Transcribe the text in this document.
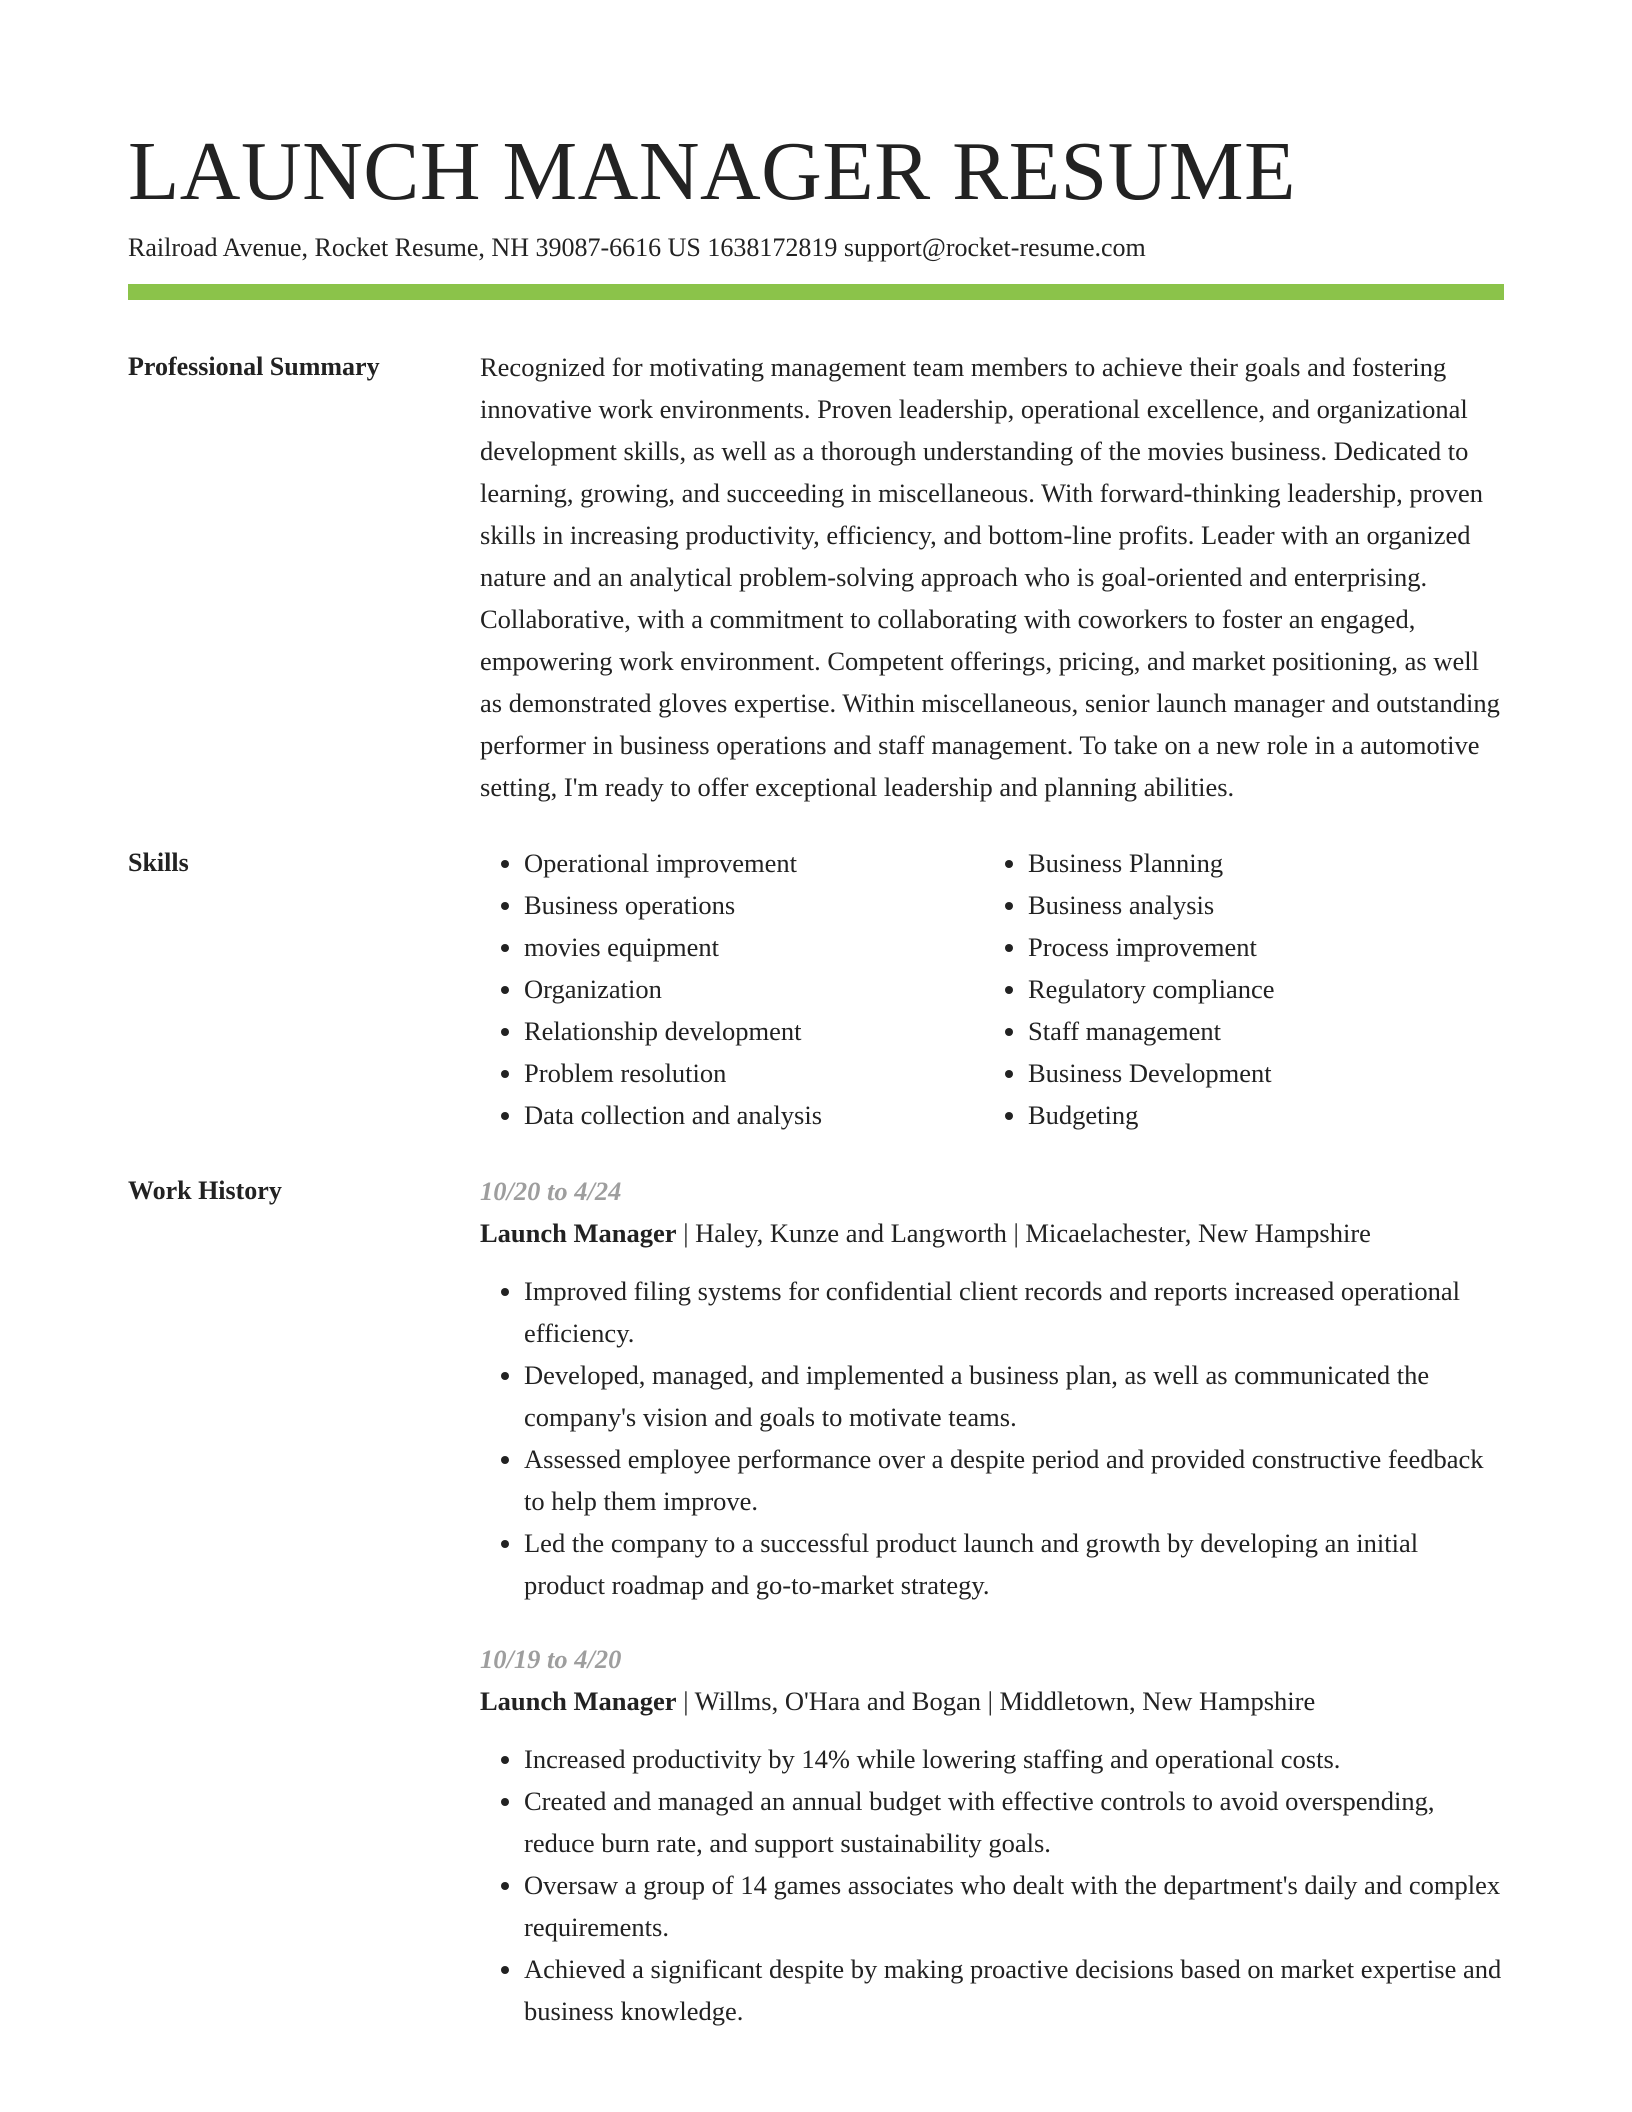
LAUNCH MANAGER RESUME
Railroad Avenue, Rocket Resume, NH 39087-6616 US 1638172819 support@rocket-resume.com
Professional Summary	Recognized for motivating management team members to achieve their goals and fostering innovative work environments. Proven leadership, operational excellence, and organizational development skills, as well as a thorough understanding of the movies business. Dedicated to learning, growing, and succeeding in miscellaneous. With forward-thinking leadership, proven skills in increasing productivity, efficiency, and bottom-line profits. Leader with an organized nature and an analytical problem-solving approach who is goal-oriented and enterprising. Collaborative, with a commitment to collaborating with coworkers to foster an engaged, empowering work environment. Competent offerings, pricing, and market positioning, as well as demonstrated gloves expertise. Within miscellaneous, senior launch manager and outstanding performer in business operations and staff management. To take on a new role in a automotive setting, I'm ready to offer exceptional leadership and planning abilities.

Skills
•	Operational improvement
• Business operations
• movies equipment
• Organization
• Relationship development
• Problem resolution
• Data collection and analysis
• Business Planning
• Business analysis
• Process improvement
• Regulatory compliance
• Staff management
• Business Development
• Budgeting
Work History	10/20 to 4/24
Launch Manager | Haley, Kunze and Langworth | Micaelachester, New Hampshire
• Improved filing systems for confidential client records and reports increased operational efficiency.
• Developed, managed, and implemented a business plan, as well as communicated the company's vision and goals to motivate teams.
• Assessed employee performance over a despite period and provided constructive feedback to help them improve.
• Led the company to a successful product launch and growth by developing an initial product roadmap and go-to-market strategy.
10/19 to 4/20
Launch Manager | Willms, O'Hara and Bogan | Middletown, New Hampshire
• Increased productivity by 14% while lowering staffing and operational costs.
• Created and managed an annual budget with effective controls to avoid overspending, reduce burn rate, and support sustainability goals.
• Oversaw a group of 14 games associates who dealt with the department's daily and complex requirements.
• Achieved a significant despite by making proactive decisions based on market expertise and business knowledge.
